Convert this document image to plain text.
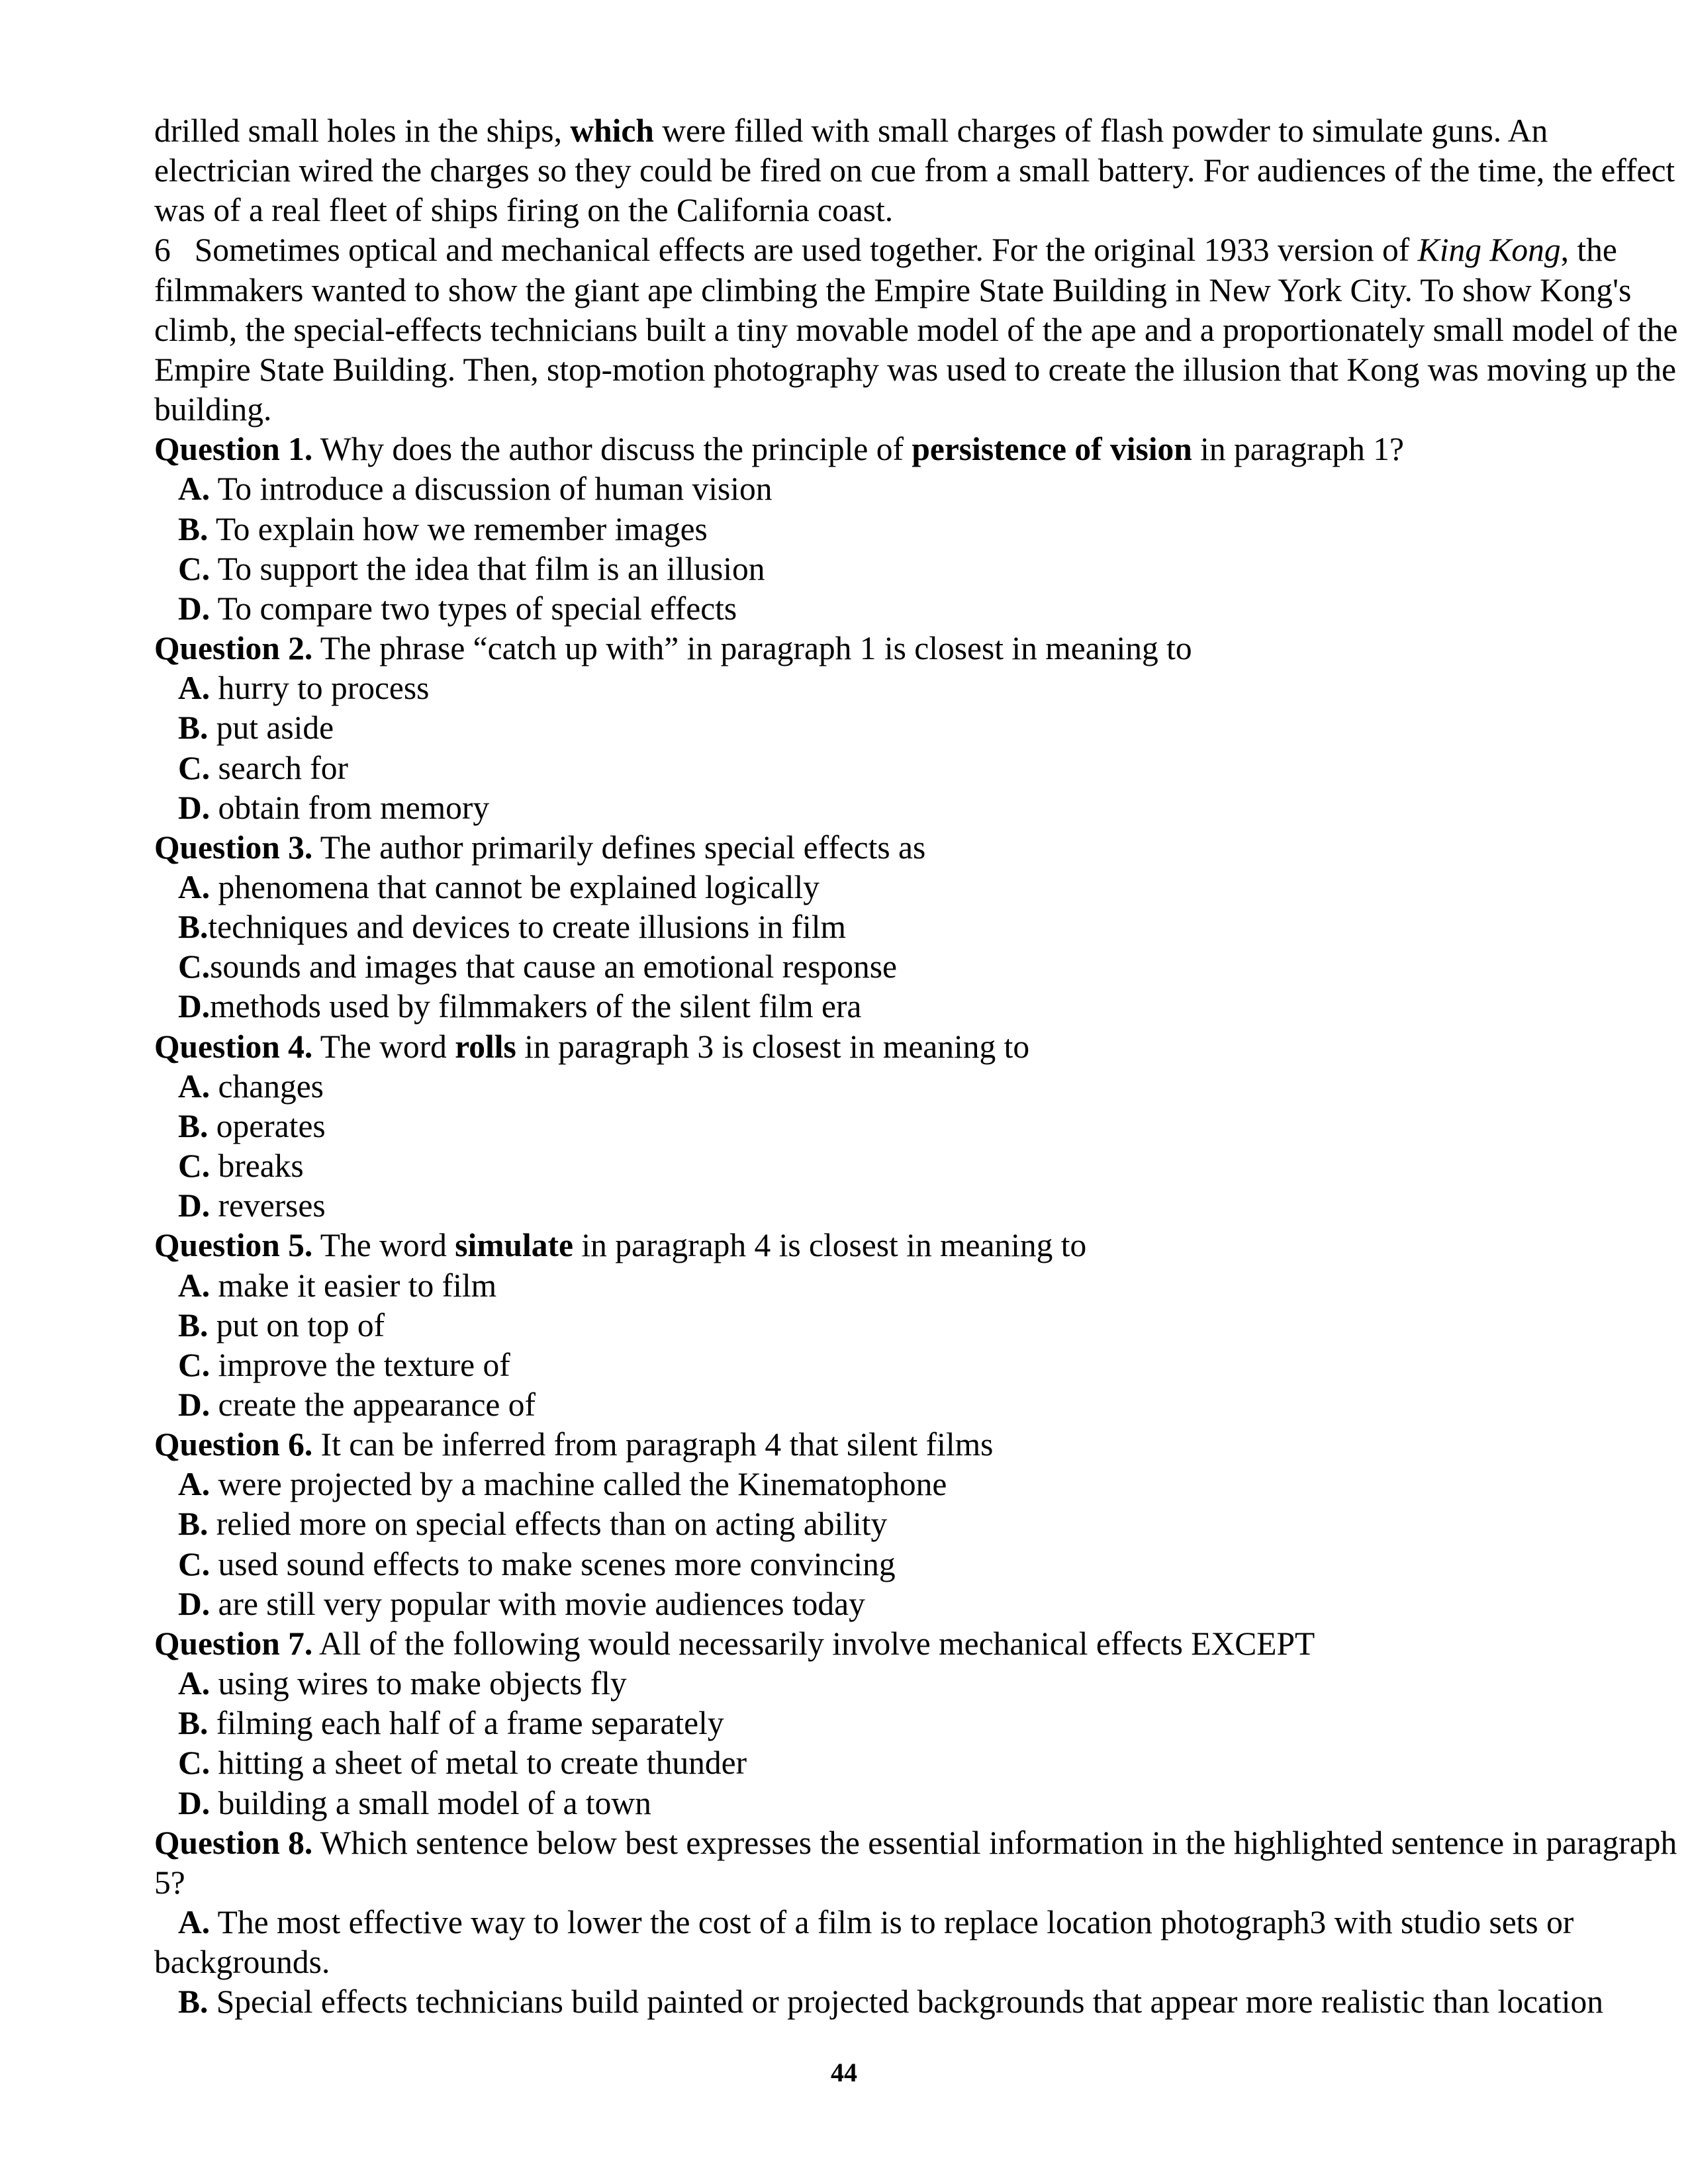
drilled small holes in the ships, which were filled with small charges of flash powder to simulate guns. An
electrician wired the charges so they could be fired on cue from a small battery. For audiences of the time, the effect
was of a real fleet of ships firing on the California coast.
6 Sometimes optical and mechanical effects are used together. For the original 1933 version of King Kong, the
filmmakers wanted to show the giant ape climbing the Empire State Building in New York City. To show Kong's
climb, the special-effects technicians built a tiny movable model of the ape and a proportionately small model of the
Empire State Building. Then, stop-motion photography was used to create the illusion that Kong was moving up the
building.
Question 1. Why does the author discuss the principle of persistence of vision in paragraph 1?
A. To introduce a discussion of human vision
B. To explain how we remember images
C. To support the idea that film is an illusion
D. To compare two types of special effects
Question 2. The phrase “catch up with” in paragraph 1 is closest in meaning to
A. hurry to process
B. put aside
C. search for
D. obtain from memory
Question 3. The author primarily defines special effects as
A. phenomena that cannot be explained logically
B.techniques and devices to create illusions in film
C.sounds and images that cause an emotional response
D.methods used by filmmakers of the silent film era
Question 4. The word rolls in paragraph 3 is closest in meaning to
A. changes
B. operates
C. breaks
D. reverses
Question 5. The word simulate in paragraph 4 is closest in meaning to
A. make it easier to film
B. put on top of
C. improve the texture of
D. create the appearance of
Question 6. It can be inferred from paragraph 4 that silent films
A. were projected by a machine called the Kinematophone
B. relied more on special effects than on acting ability
C. used sound effects to make scenes more convincing
D. are still very popular with movie audiences today
Question 7. All of the following would necessarily involve mechanical effects EXCEPT
A. using wires to make objects fly
B. filming each half of a frame separately
C. hitting a sheet of metal to create thunder
D. building a small model of a town
Question 8. Which sentence below best expresses the essential information in the highlighted sentence in paragraph
5?
A. The most effective way to lower the cost of a film is to replace location photograph3 with studio sets or
backgrounds.
B. Special effects technicians build painted or projected backgrounds that appear more realistic than location
44
